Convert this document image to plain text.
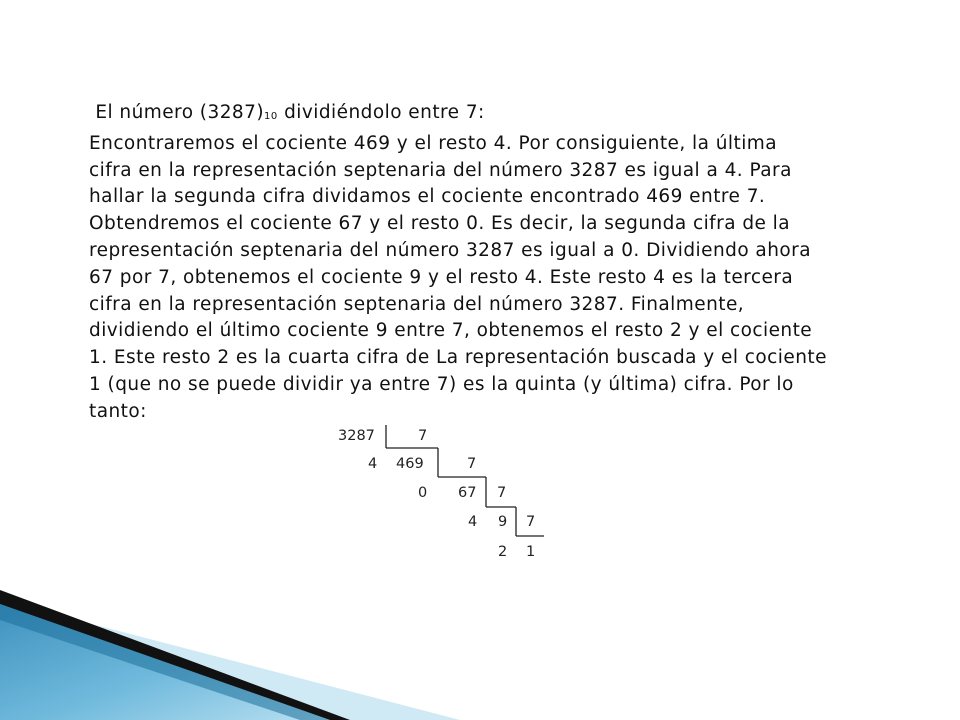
El número (3287)10 dividiéndolo entre 7:
Encontraremos el cociente 469 y el resto 4. Por consiguiente, la última
cifra en la representación septenaria del número 3287 es igual a 4. Para
hallar la segunda cifra dividamos el cociente encontrado 469 entre 7.
Obtendremos el cociente 67 y el resto 0. Es decir, la segunda cifra de la
representación septenaria del número 3287 es igual a 0. Dividiendo ahora
67 por 7, obtenemos el cociente 9 y el resto 4. Este resto 4 es la tercera
cifra en la representación septenaria del número 3287. Finalmente,
dividiendo el último cociente 9 entre 7, obtenemos el resto 2 y el cociente
1. Este resto 2 es la cuarta cifra de La representación buscada y el cociente
1 (que no se puede dividir ya entre 7) es la quinta (y última) cifra. Por lo
tanto:
3287	7
4 469	7
0 67 7
4 9 7
2 1
